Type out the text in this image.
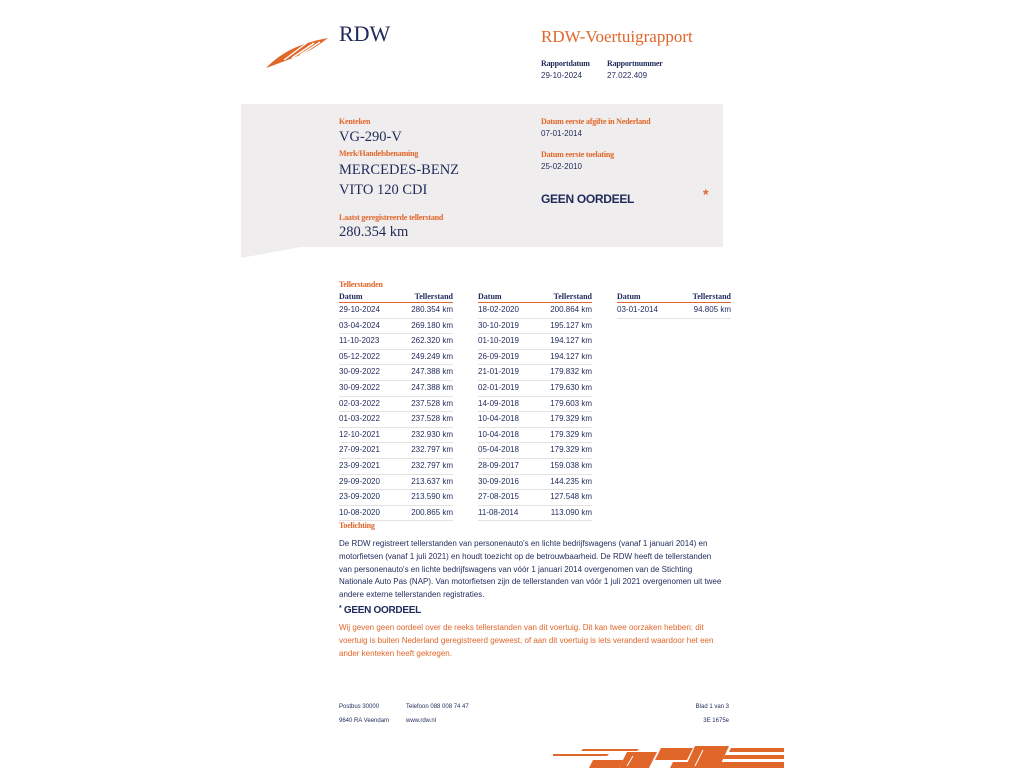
RDW	RDW-Voertuigrapport
Rapportdatum
29-10-2024
Rapportnummer
27.022.409
Kenteken
VG-290-V
Merk/Handelsbenaming
MERCEDES-BENZ
VITO 120 CDI
Laatst geregistreerde tellerstand
280.354 km
Datum eerste afgifte in Nederland
07-01-2014
Datum eerste toelating
25-02-2010
GEEN OORDEEL	*
Tellerstanden
Datum	Tellerstand
29-10-2024	280.354 km
03-04-2024	269.180 km
11-10-2023	262.320 km
05-12-2022	249.249 km
30-09-2022	247.388 km
30-09-2022	247.388 km
02-03-2022	237.528 km
01-03-2022	237.528 km
12-10-2021	232.930 km
27-09-2021	232.797 km
23-09-2021	232.797 km
29-09-2020	213.637 km
23-09-2020	213.590 km
10-08-2020	200.865 km
Datum	Tellerstand
18-02-2020	200.864 km
30-10-2019	195.127 km
01-10-2019	194.127 km
26-09-2019	194.127 km
21-01-2019	179.832 km
02-01-2019	179.630 km
14-09-2018	179.603 km
10-04-2018	179.329 km
10-04-2018	179.329 km
05-04-2018	179.329 km
28-09-2017	159.038 km
30-09-2016	144.235 km
27-08-2015	127.548 km
11-08-2014	113.090 km
Datum	Tellerstand
03-01-2014	94.805 km
Toelichting
De RDW registreert tellerstanden van personenauto's en lichte bedrijfswagens (vanaf 1 januari 2014) en motorfietsen (vanaf 1 juli 2021) en houdt toezicht op de betrouwbaarheid. De RDW heeft de tellerstanden van personenauto's en lichte bedrijfswagens van vóór 1 januari 2014 overgenomen van de Stichting Nationale Auto Pas (NAP). Van motorfietsen zijn de tellerstanden van vóór 1 juli 2021 overgenomen uit twee andere externe tellerstanden registraties.
* GEEN OORDEEL
Wij geven geen oordeel over de reeks tellerstanden van dit voertuig. Dit kan twee oorzaken hebben: dit voertuig is buiten Nederland geregistreerd geweest, of aan dit voertuig is iets veranderd waardoor het een ander kenteken heeft gekregen.
Postbus 30000
9640 RA Veendam
Telefoon 088 008 74 47
www.rdw.nl
Blad 1 van 3
3E 1675e
